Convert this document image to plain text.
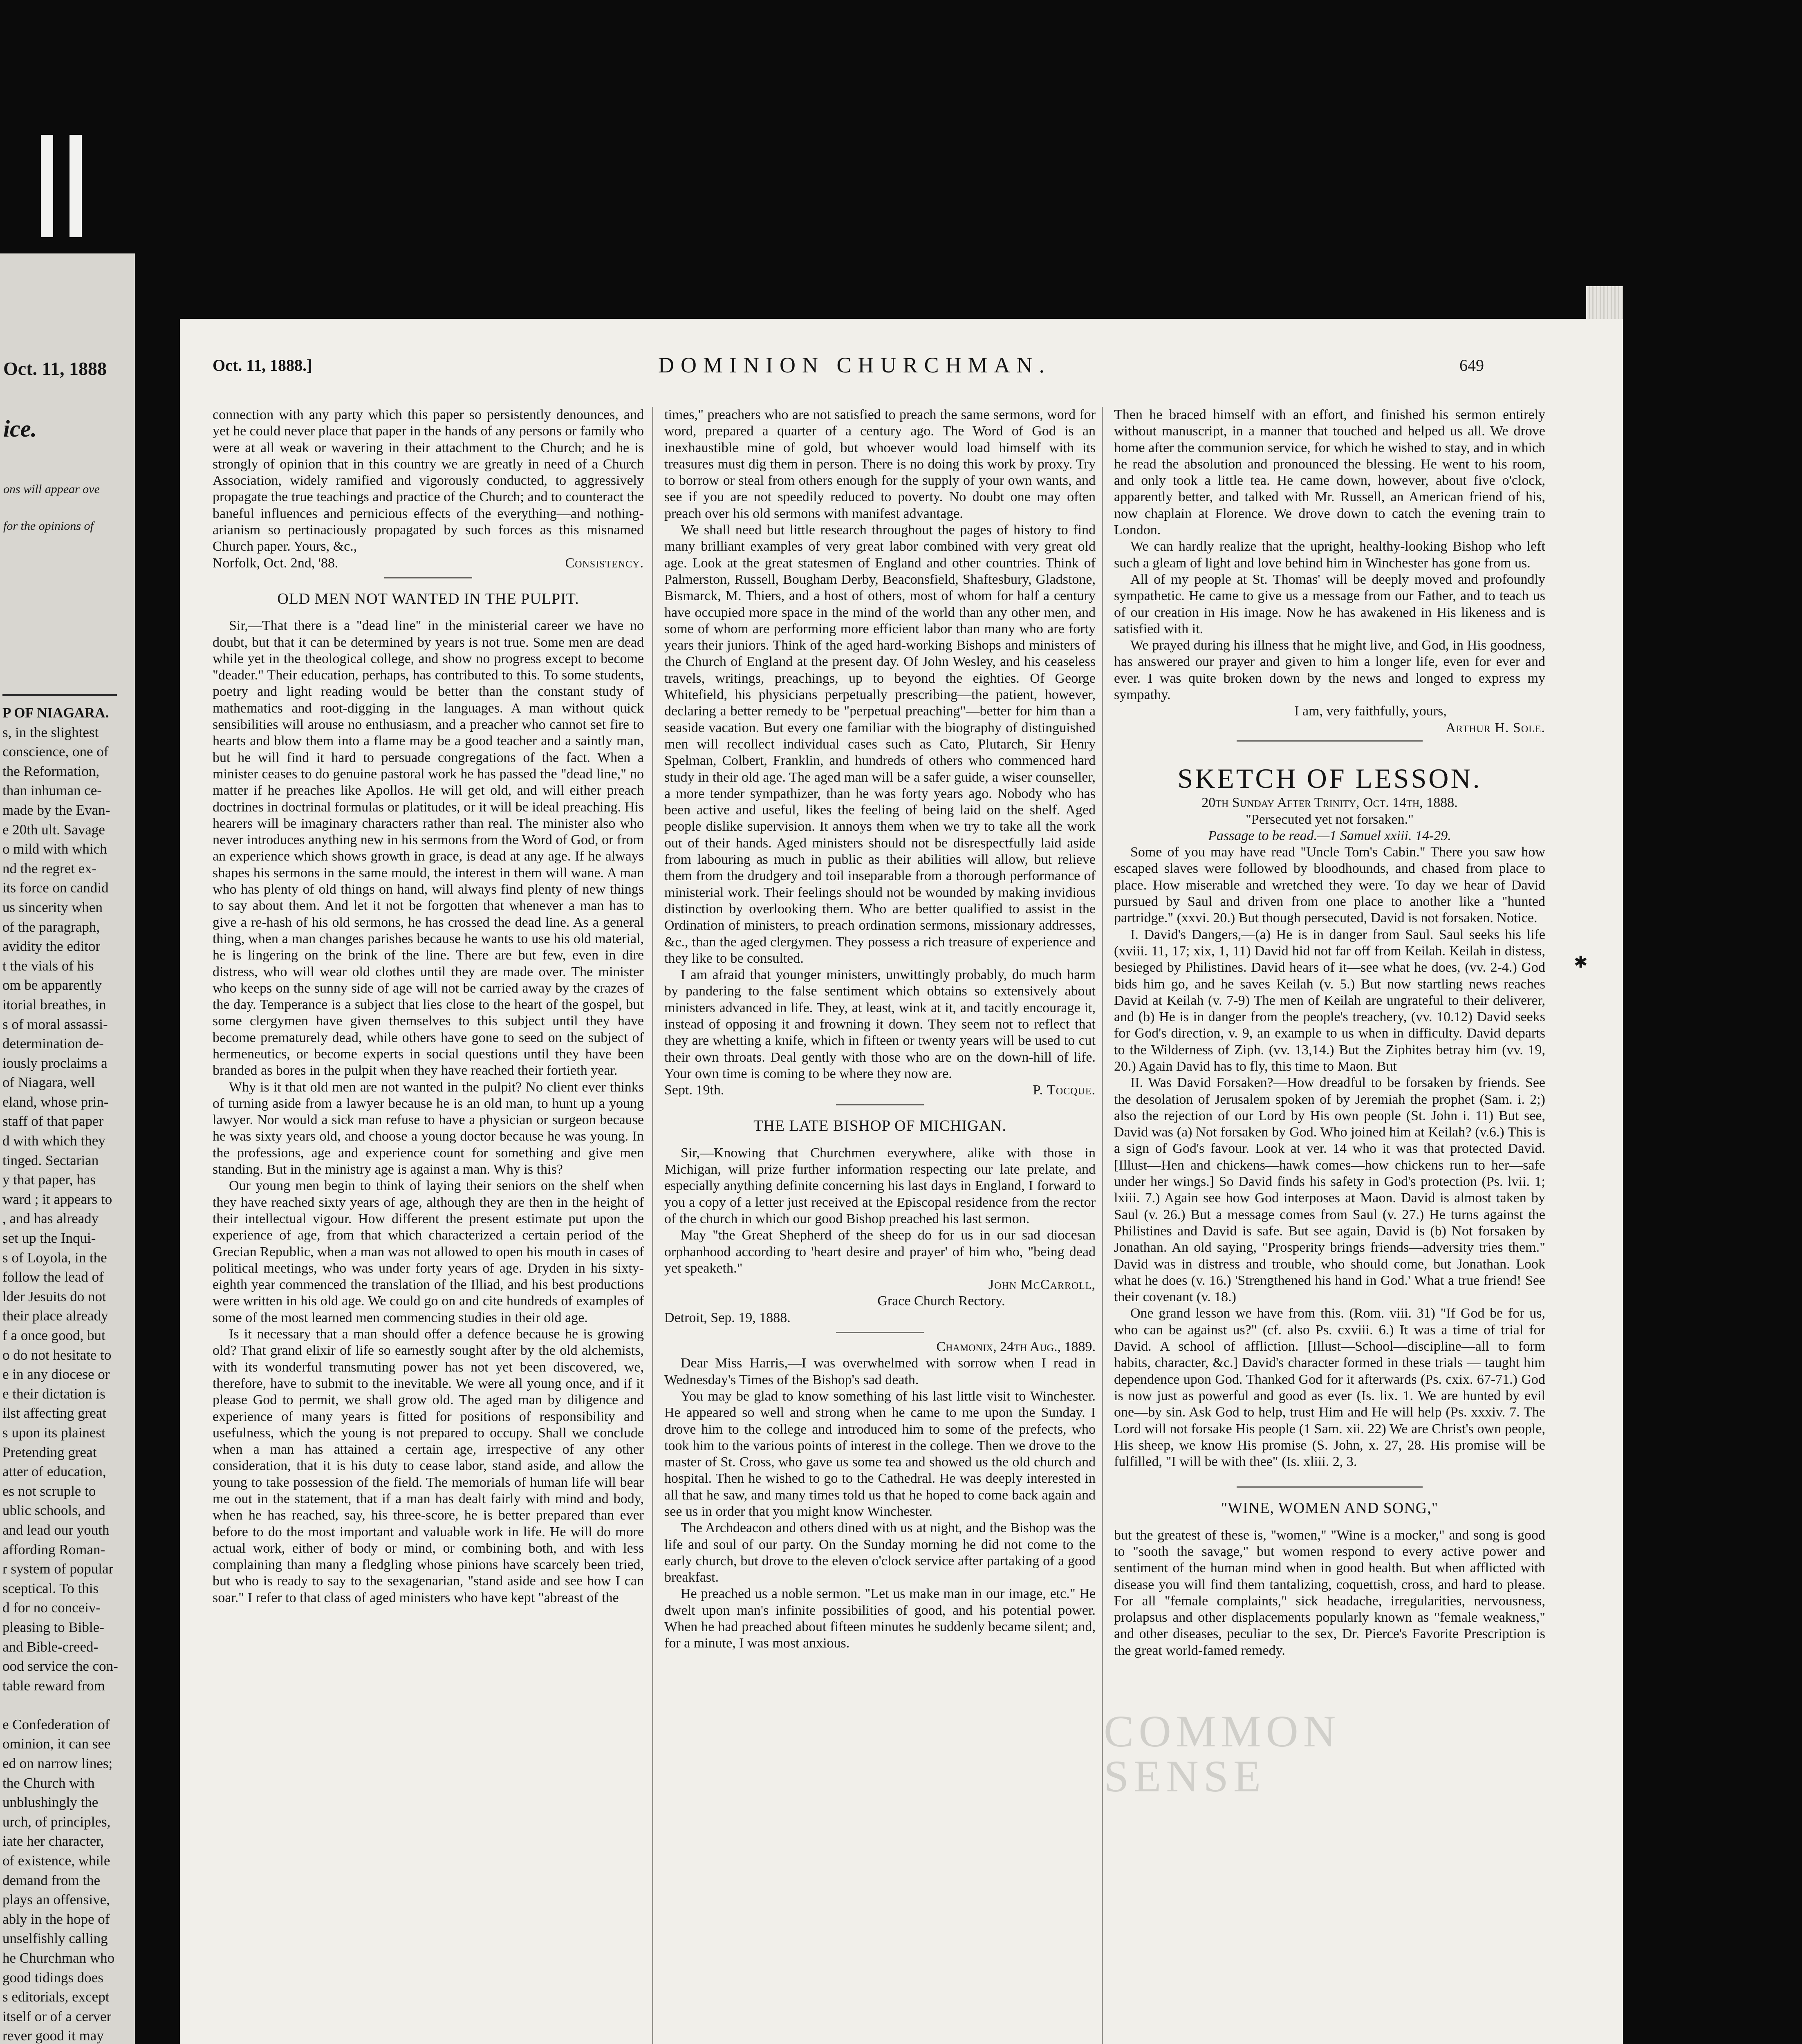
Oct. 11, 1888
ice.
ons will appear ove
for the opinions of
P OF NIAGARA.
s, in the slightest
conscience, one of
the Reformation,
than inhuman ce-
made by the Evan-
e 20th ult. Savage
o mild with which
nd the regret ex-
its force on candid
us sincerity when
of the paragraph,
avidity the editor
t the vials of his
om be apparently
itorial breathes, in
s of moral assassi-
determination de-
iously proclaims a
of Niagara, well
eland, whose prin-
staff of that paper
d with which they
tinged. Sectarian
y that paper, has
ward ; it appears to
, and has already
set up the Inqui-
s of Loyola, in the
follow the lead of
lder Jesuits do not
their place already
f a once good, but
o do not hesitate to
e in any diocese or
e their dictation is
ilst affecting great
s upon its plainest
Pretending great
atter of education,
es not scruple to
ublic schools, and
and lead our youth
affording Roman-
r system of popular
sceptical. To this
d for no conceiv-
pleasing to Bible-
and Bible-creed-
ood service the con-
table reward from

e Confederation of
ominion, it can see
ed on narrow lines;
the Church with
unblushingly the
urch, of principles,
iate her character,
of existence, while
demand from the
plays an offensive,
ably in the hope of
unselfishly calling
he Churchman who
good tidings does
s editorials, except
itself or of a cerver
rever good it may
Oct. 11, 1888.]	DOMINION CHURCHMAN.	649

connection with any party which this paper so persistently denounces, and yet he could never place that paper in the hands of any persons or family who were at all weak or wavering in their attachment to the Church; and he is strongly of opinion that in this country we are greatly in need of a Church Association, widely ramified and vigorously conducted, to aggressively propagate the true teachings and practice of the Church; and to counteract the baneful influences and pernicious effects of the everything—and nothing-arianism so pertinaciously propagated by such forces as this misnamed Church paper. Yours, &c.,

Norfolk, Oct. 2nd, '88.	Consistency.
OLD MEN NOT WANTED IN THE PULPIT.

Sir,—That there is a "dead line" in the ministerial career we have no doubt, but that it can be determined by years is not true. Some men are dead while yet in the theological college, and show no progress except to become "deader." Their education, perhaps, has contributed to this. To some students, poetry and light reading would be better than the constant study of mathematics and root-digging in the languages. A man without quick sensibilities will arouse no enthusiasm, and a preacher who cannot set fire to hearts and blow them into a flame may be a good teacher and a saintly man, but he will find it hard to persuade congregations of the fact. When a minister ceases to do genuine pastoral work he has passed the "dead line," no matter if he preaches like Apollos. He will get old, and will either preach doctrines in doctrinal formulas or platitudes, or it will be ideal preaching. His hearers will be imaginary characters rather than real. The minister also who never introduces anything new in his sermons from the Word of God, or from an experience which shows growth in grace, is dead at any age. If he always shapes his sermons in the same mould, the interest in them will wane. A man who has plenty of old things on hand, will always find plenty of new things to say about them. And let it not be forgotten that whenever a man has to give a re-hash of his old sermons, he has crossed the dead line. As a general thing, when a man changes parishes because he wants to use his old material, he is lingering on the brink of the line. There are but few, even in dire distress, who will wear old clothes until they are made over. The minister who keeps on the sunny side of age will not be carried away by the crazes of the day. Temperance is a subject that lies close to the heart of the gospel, but some clergymen have given themselves to this subject until they have become prematurely dead, while others have gone to seed on the subject of hermeneutics, or become experts in social questions until they have been branded as bores in the pulpit when they have reached their fortieth year.

Why is it that old men are not wanted in the pulpit? No client ever thinks of turning aside from a lawyer because he is an old man, to hunt up a young lawyer. Nor would a sick man refuse to have a physician or surgeon because he was sixty years old, and choose a young doctor because he was young. In the professions, age and experience count for something and give men standing. But in the ministry age is against a man. Why is this?

Our young men begin to think of laying their seniors on the shelf when they have reached sixty years of age, although they are then in the height of their intellectual vigour. How different the present estimate put upon the experience of age, from that which characterized a certain period of the Grecian Republic, when a man was not allowed to open his mouth in cases of political meetings, who was under forty years of age. Dryden in his sixty-eighth year commenced the translation of the Illiad, and his best productions were written in his old age. We could go on and cite hundreds of examples of some of the most learned men commencing studies in their old age.

Is it necessary that a man should offer a defence because he is growing old? That grand elixir of life so earnestly sought after by the old alchemists, with its wonderful transmuting power has not yet been discovered, we, therefore, have to submit to the inevitable. We were all young once, and if it please God to permit, we shall grow old. The aged man by diligence and experience of many years is fitted for positions of responsibility and usefulness, which the young is not prepared to occupy. Shall we conclude when a man has attained a certain age, irrespective of any other consideration, that it is his duty to cease labor, stand aside, and allow the young to take possession of the field. The memorials of human life will bear me out in the statement, that if a man has dealt fairly with mind and body, when he has reached, say, his three-score, he is better prepared than ever before to do the most important and valuable work in life. He will do more actual work, either of body or mind, or combining both, and with less complaining than many a fledgling whose pinions have scarcely been tried, but who is ready to say to the sexagenarian, "stand aside and see how I can soar." I refer to that class of aged ministers who have kept "abreast of the

times," preachers who are not satisfied to preach the same sermons, word for word, prepared a quarter of a century ago. The Word of God is an inexhaustible mine of gold, but whoever would load himself with its treasures must dig them in person. There is no doing this work by proxy. Try to borrow or steal from others enough for the supply of your own wants, and see if you are not speedily reduced to poverty. No doubt one may often preach over his old sermons with manifest advantage.

We shall need but little research throughout the pages of history to find many brilliant examples of very great labor combined with very great old age. Look at the great statesmen of England and other countries. Think of Palmerston, Russell, Bougham Derby, Beaconsfield, Shaftesbury, Gladstone, Bismarck, M. Thiers, and a host of others, most of whom for half a century have occupied more space in the mind of the world than any other men, and some of whom are performing more efficient labor than many who are forty years their juniors. Think of the aged hard-working Bishops and ministers of the Church of England at the present day. Of John Wesley, and his ceaseless travels, writings, preachings, up to beyond the eighties. Of George Whitefield, his physicians perpetually prescribing—the patient, however, declaring a better remedy to be "perpetual preaching"—better for him than a seaside vacation. But every one familiar with the biography of distinguished men will recollect individual cases such as Cato, Plutarch, Sir Henry Spelman, Colbert, Franklin, and hundreds of others who commenced hard study in their old age. The aged man will be a safer guide, a wiser counseller, a more tender sympathizer, than he was forty years ago. Nobody who has been active and useful, likes the feeling of being laid on the shelf. Aged people dislike supervision. It annoys them when we try to take all the work out of their hands. Aged ministers should not be disrespectfully laid aside from labouring as much in public as their abilities will allow, but relieve them from the drudgery and toil inseparable from a thorough performance of ministerial work. Their feelings should not be wounded by making invidious distinction by overlooking them. Who are better qualified to assist in the Ordination of ministers, to preach ordination sermons, missionary addresses, &c., than the aged clergymen. They possess a rich treasure of experience and they like to be consulted.

I am afraid that younger ministers, unwittingly probably, do much harm by pandering to the false sentiment which obtains so extensively about ministers advanced in life. They, at least, wink at it, and tacitly encourage it, instead of opposing it and frowning it down. They seem not to reflect that they are whetting a knife, which in fifteen or twenty years will be used to cut their own throats. Deal gently with those who are on the down-hill of life. Your own time is coming to be where they now are.

Sept. 19th.	P. Tocque.
THE LATE BISHOP OF MICHIGAN.

Sir,—Knowing that Churchmen everywhere, alike with those in Michigan, will prize further information respecting our late prelate, and especially anything definite concerning his last days in England, I forward to you a copy of a letter just received at the Episcopal residence from the rector of the church in which our good Bishop preached his last sermon.

May "the Great Shepherd of the sheep do for us in our sad diocesan orphanhood according to 'heart desire and prayer' of him who, "being dead yet speaketh."

John McCarroll,
Grace Church Rectory.

Detroit, Sep. 19, 1888.

Chamonix, 24th Aug., 1889.

Dear Miss Harris,—I was overwhelmed with sorrow when I read in Wednesday's Times of the Bishop's sad death.

You may be glad to know something of his last little visit to Winchester. He appeared so well and strong when he came to me upon the Sunday. I drove him to the college and introduced him to some of the prefects, who took him to the various points of interest in the college. Then we drove to the master of St. Cross, who gave us some tea and showed us the old church and hospital. Then he wished to go to the Cathedral. He was deeply interested in all that he saw, and many times told us that he hoped to come back again and see us in order that you might know Winchester.

The Archdeacon and others dined with us at night, and the Bishop was the life and soul of our party. On the Sunday morning he did not come to the early church, but drove to the eleven o'clock service after partaking of a good breakfast.

He preached us a noble sermon. "Let us make man in our image, etc." He dwelt upon man's infinite possibilities of good, and his potential power. When he had preached about fifteen minutes he suddenly became silent; and, for a minute, I was most anxious.

Then he braced himself with an effort, and finished his sermon entirely without manuscript, in a manner that touched and helped us all. We drove home after the communion service, for which he wished to stay, and in which he read the absolution and pronounced the blessing. He went to his room, and only took a little tea. He came down, however, about five o'clock, apparently better, and talked with Mr. Russell, an American friend of his, now chaplain at Florence. We drove down to catch the evening train to London.

We can hardly realize that the upright, healthy-looking Bishop who left such a gleam of light and love behind him in Winchester has gone from us.

All of my people at St. Thomas' will be deeply moved and profoundly sympathetic. He came to give us a message from our Father, and to teach us of our creation in His image. Now he has awakened in His likeness and is satisfied with it.

We prayed during his illness that he might live, and God, in His goodness, has answered our prayer and given to him a longer life, even for ever and ever. I was quite broken down by the news and longed to express my sympathy.

I am, very faithfully, yours,
Arthur H. Sole.
SKETCH OF LESSON.
20th Sunday After Trinity, Oct. 14th, 1888.
"Persecuted yet not forsaken."
Passage to be read.—1 Samuel xxiii. 14-29.

Some of you may have read "Uncle Tom's Cabin." There you saw how escaped slaves were followed by bloodhounds, and chased from place to place. How miserable and wretched they were. To day we hear of David pursued by Saul and driven from one place to another like a "hunted partridge." (xxvi. 20.) But though persecuted, David is not forsaken. Notice.

I. David's Dangers,—(a) He is in danger from Saul. Saul seeks his life (xviii. 11, 17; xix, 1, 11) David hid not far off from Keilah. Keilah in distess, besieged by Philistines. David hears of it—see what he does, (vv. 2-4.) God bids him go, and he saves Keilah (v. 5.) But now startling news reaches David at Keilah (v. 7-9) The men of Keilah are ungrateful to their deliverer, and (b) He is in danger from the people's treachery, (vv. 10.12) David seeks for God's direction, v. 9, an example to us when in difficulty. David departs to the Wilderness of Ziph. (vv. 13,14.) But the Ziphites betray him (vv. 19, 20.) Again David has to fly, this time to Maon. But

II. Was David Forsaken?—How dreadful to be forsaken by friends. See the desolation of Jerusalem spoken of by Jeremiah the prophet (Sam. i. 2;) also the rejection of our Lord by His own people (St. John i. 11) But see, David was (a) Not forsaken by God. Who joined him at Keilah? (v.6.) This is a sign of God's favour. Look at ver. 14 who it was that protected David. [Illust—Hen and chickens—hawk comes—how chickens run to her—safe under her wings.] So David finds his safety in God's protection (Ps. lvii. 1; lxiii. 7.) Again see how God interposes at Maon. David is almost taken by Saul (v. 26.) But a message comes from Saul (v. 27.) He turns against the Philistines and David is safe. But see again, David is (b) Not forsaken by Jonathan. An old saying, "Prosperity brings friends—adversity tries them." David was in distress and trouble, who should come, but Jonathan. Look what he does (v. 16.) 'Strengthened his hand in God.' What a true friend! See their covenant (v. 18.)

One grand lesson we have from this. (Rom. viii. 31) "If God be for us, who can be against us?" (cf. also Ps. cxviii. 6.) It was a time of trial for David. A school of affliction. [Illust—School—discipline—all to form habits, character, &c.] David's character formed in these trials — taught him dependence upon God. Thanked God for it afterwards (Ps. cxix. 67-71.) God is now just as powerful and good as ever (Is. lix. 1. We are hunted by evil one—by sin. Ask God to help, trust Him and He will help (Ps. xxxiv. 7. The Lord will not forsake His people (1 Sam. xii. 22) We are Christ's own people, His sheep, we know His promise (S. John, x. 27, 28. His promise will be fulfilled, "I will be with thee" (Is. xliii. 2, 3.

"WINE, WOMEN AND SONG,"

but the greatest of these is, "women," "Wine is a mocker," and song is good to "sooth the savage," but women respond to every active power and sentiment of the human mind when in good health. But when afflicted with disease you will find them tantalizing, coquettish, cross, and hard to please. For all "female complaints," sick headache, irregularities, nervousness, prolapsus and other displacements popularly known as "female weakness," and other diseases, peculiar to the sex, Dr. Pierce's Favorite Prescription is the great world-famed remedy.

✱
